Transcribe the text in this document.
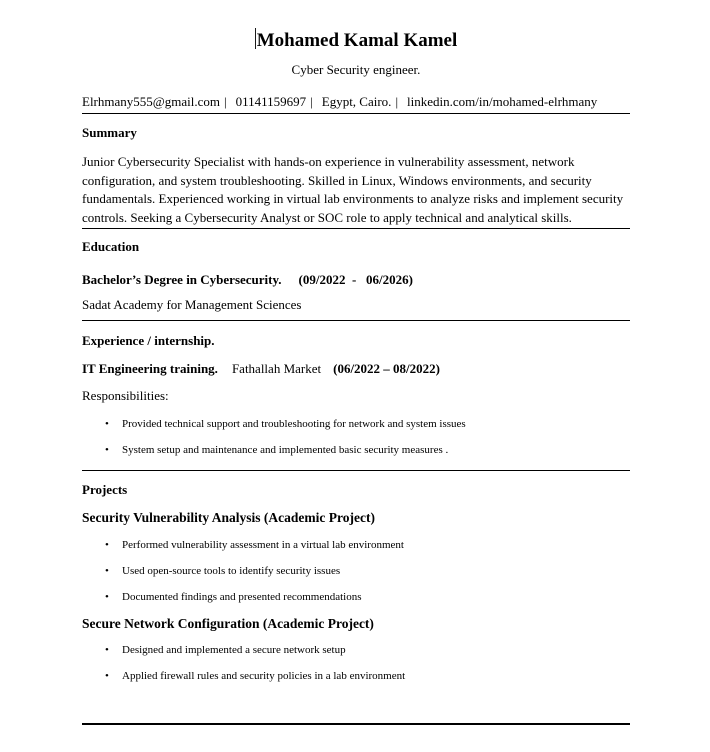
Mohamed Kamal Kamel

Cyber Security engineer.

Elrhmany555@gmail.com | 01141159697 | Egypt, Cairo. | linkedin.com/in/mohamed-elrhmany

Summary

Junior Cybersecurity Specialist with hands-on experience in vulnerability assessment, network configuration, and system troubleshooting. Skilled in Linux, Windows environments, and security fundamentals. Experienced working in virtual lab environments to analyze risks and implement security controls. Seeking a Cybersecurity Analyst or SOC role to apply technical and analytical skills.

Education

Bachelor’s Degree in Cybersecurity. (09/2022  -   06/2026)

Sadat Academy for Management Sciences

Experience / internship.

IT Engineering training. Fathallah Market (06/2022 – 08/2022)

Responsibilities:

• Provided technical support and troubleshooting for network and system issues
• System setup and maintenance and implemented basic security measures .
Projects

Security Vulnerability Analysis (Academic Project)

• Performed vulnerability assessment in a virtual lab environment
• Used open-source tools to identify security issues
• Documented findings and presented recommendations

Secure Network Configuration (Academic Project)

• Designed and implemented a secure network setup
• Applied firewall rules and security policies in a lab environment
